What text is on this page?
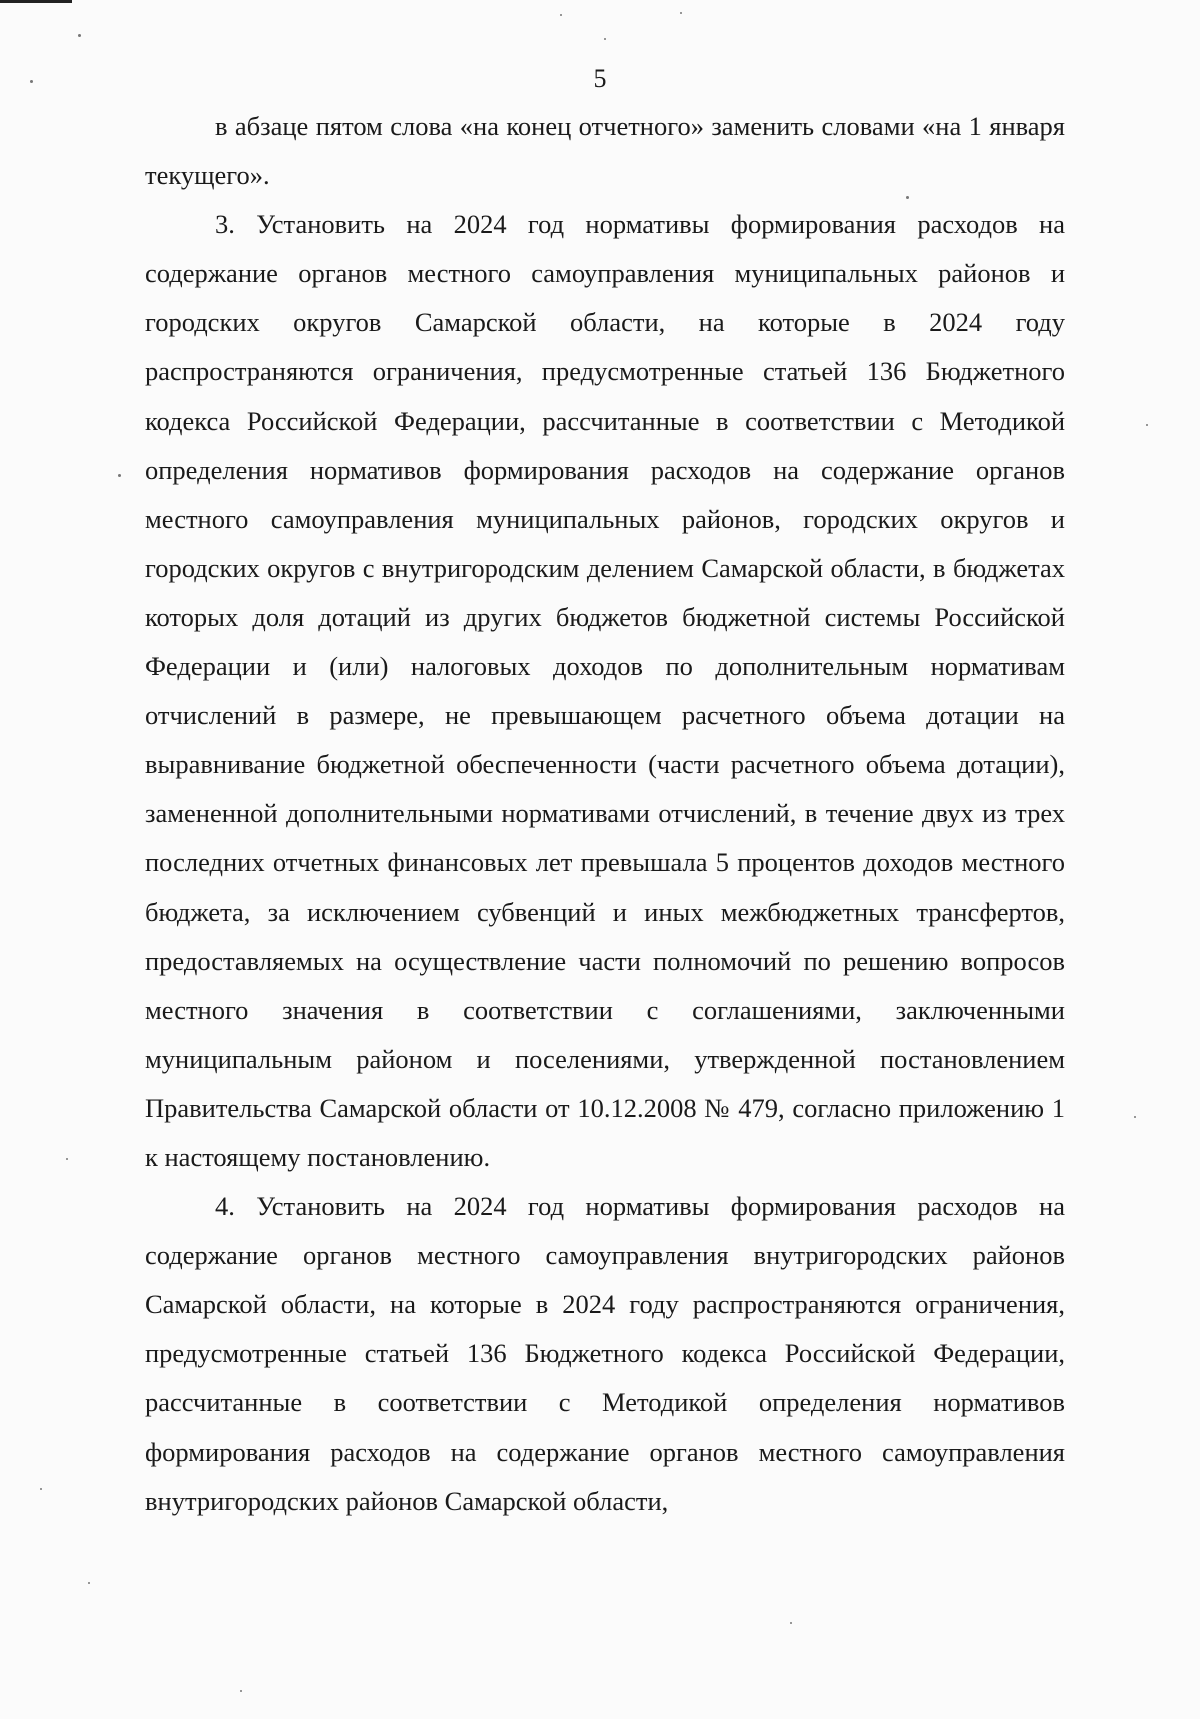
5

в абзаце пятом слова «на конец отчетного» заменить словами «на 1 января текущего».

3. Установить на 2024 год нормативы формирования расходов на содержание органов местного самоуправления муниципальных районов и городских округов Самарской области, на которые в 2024 году распространяются ограничения, предусмотренные статьей 136 Бюджетного кодекса Российской Федерации, рассчитанные в соответствии с Методикой определения нормативов формирования расходов на содержание органов местного самоуправления муниципальных районов, городских округов и городских округов с внутригородским делением Самарской области, в бюджетах которых доля дотаций из других бюджетов бюджетной системы Российской Федерации и (или) налоговых доходов по дополнительным нормативам отчислений в размере, не превышающем расчетного объема дотации на выравнивание бюджетной обеспеченности (части расчетного объема дотации), замененной дополнительными нормативами отчислений, в течение двух из трех последних отчетных финансовых лет превышала 5 процентов доходов местного бюджета, за исключением субвенций и иных межбюджетных трансфертов, предоставляемых на осуществление части полномочий по решению вопросов местного значения в соответствии с соглашениями, заключенными муниципальным районом и поселениями, утвержденной постановлением Правительства Самарской области от 10.12.2008 № 479, согласно приложению 1 к настоящему постановлению.

4. Установить на 2024 год нормативы формирования расходов на содержание органов местного самоуправления внутригородских районов Самарской области, на которые в 2024 году распространяются ограничения, предусмотренные статьей 136 Бюджетного кодекса Российской Федерации, рассчитанные в соответствии с Методикой определения нормативов формирования расходов на содержание органов местного самоуправления внутригородских районов Самарской области,
